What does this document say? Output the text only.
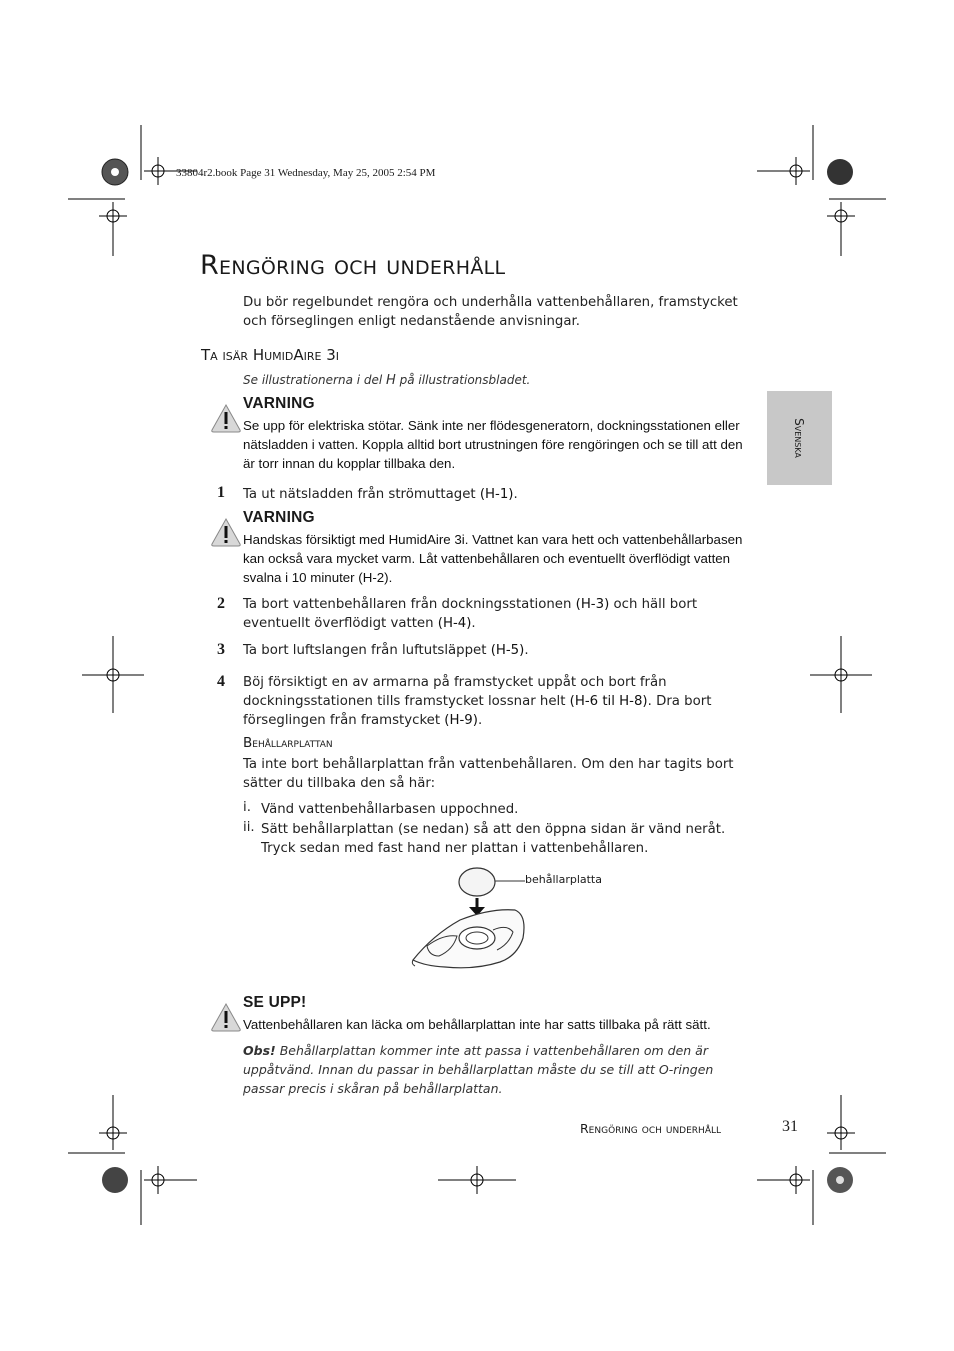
33804r2.book Page 31 Wednesday, May 25, 2005 2:54 PM
Rengöring och underhåll
Du bör regelbundet rengöra och underhålla vattenbehållaren, framstycket och förseglingen enligt nedanstående anvisningar.
Ta isär HumidAire 3i
Se illustrationerna i del H på illustrationsbladet.
Svenska
VARNING
Se upp för elektriska stötar. Sänk inte ner flödesgeneratorn, dockningsstationen eller nätsladden i vatten. Koppla alltid bort utrustningen före rengöringen och se till att den är torr innan du kopplar tillbaka den.
1 Ta ut nätsladden från strömuttaget (H-1).
VARNING
Handskas försiktigt med HumidAire 3i. Vattnet kan vara hett och vattenbehållarbasen kan också vara mycket varm. Låt vattenbehållaren och eventuellt överflödigt vatten svalna i 10 minuter (H-2).
2 Ta bort vattenbehållaren från dockningsstationen (H-3) och häll bort eventuellt överflödigt vatten (H-4).
3 Ta bort luftslangen från luftutsläppet (H-5).
4 Böj försiktigt en av armarna på framstycket uppåt och bort från dockningsstationen tills framstycket lossnar helt (H-6 til H-8). Dra bort förseglingen från framstycket (H-9).
Behållarplattan
Ta inte bort behållarplattan från vattenbehållaren. Om den har tagits bort sätter du tillbaka den så här:
i. Vänd vattenbehållarbasen uppochned.
ii. Sätt behållarplattan (se nedan) så att den öppna sidan är vänd neråt. Tryck sedan med fast hand ner plattan i vattenbehållaren.
behållarplatta
SE UPP!
Vattenbehållaren kan läcka om behållarplattan inte har satts tillbaka på rätt sätt.
Obs! Behållarplattan kommer inte att passa i vattenbehållaren om den är uppåtvänd. Innan du passar in behållarplattan måste du se till att O-ringen passar precis i skåran på behållarplattan.
Rengöring och underhåll	31
